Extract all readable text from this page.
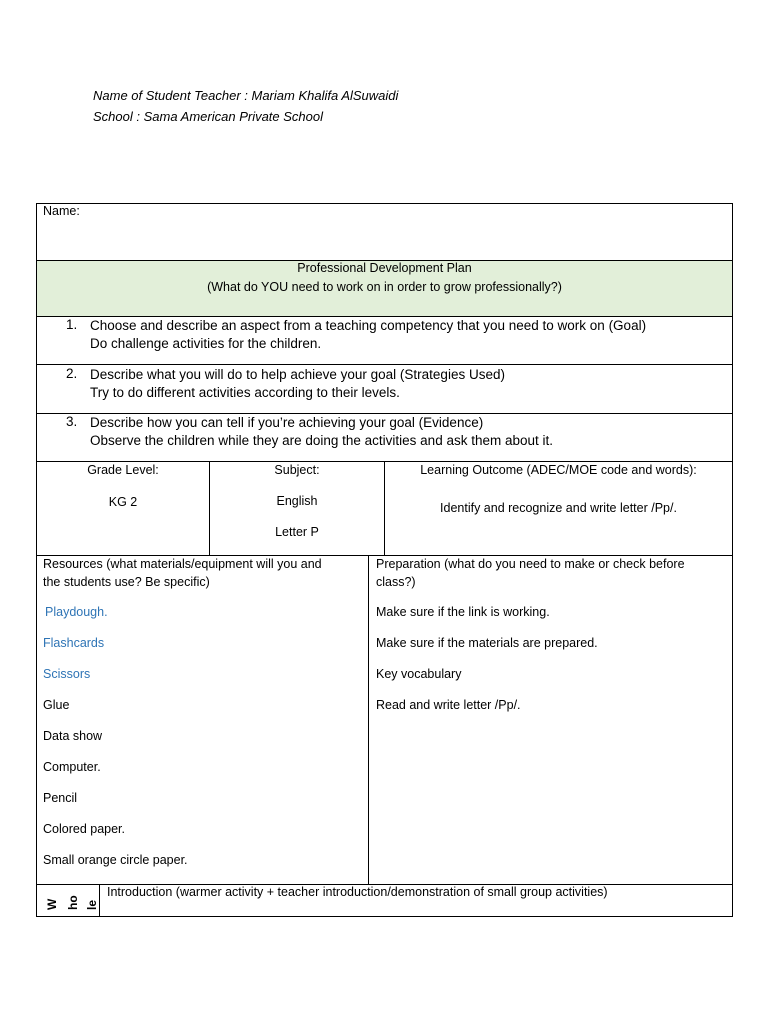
Name of Student Teacher : Mariam Khalifa AlSuwaidi
School : Sama American Private School
Name:
Professional Development Plan
(What do YOU need to work on in order to grow professionally?)
1. Choose and describe an aspect from a teaching competency that you need to work on (Goal)
Do challenge activities for the children.
2. Describe what you will do to help achieve your goal (Strategies Used)
Try to do different activities according to their levels.
3. Describe how you can tell if you’re achieving your goal (Evidence)
Observe the children while they are doing the activities and ask them about it.
Grade Level:
KG 2
Subject:
English
Letter P
Learning Outcome (ADEC/MOE code and words):
Identify and recognize and write letter /Pp/.
Resources (what materials/equipment will you and
the students use? Be specific)
Playdough.
Flashcards
Scissors
Glue
Data show
Computer.
Pencil
Colored paper.
Small orange circle paper.
Preparation (what do you need to make or check before
class?)
Make sure if the link is working.
Make sure if the materials are prepared.
Key vocabulary
Read and write letter /Pp/.
W ho le
Introduction (warmer activity + teacher introduction/demonstration of small group activities)
